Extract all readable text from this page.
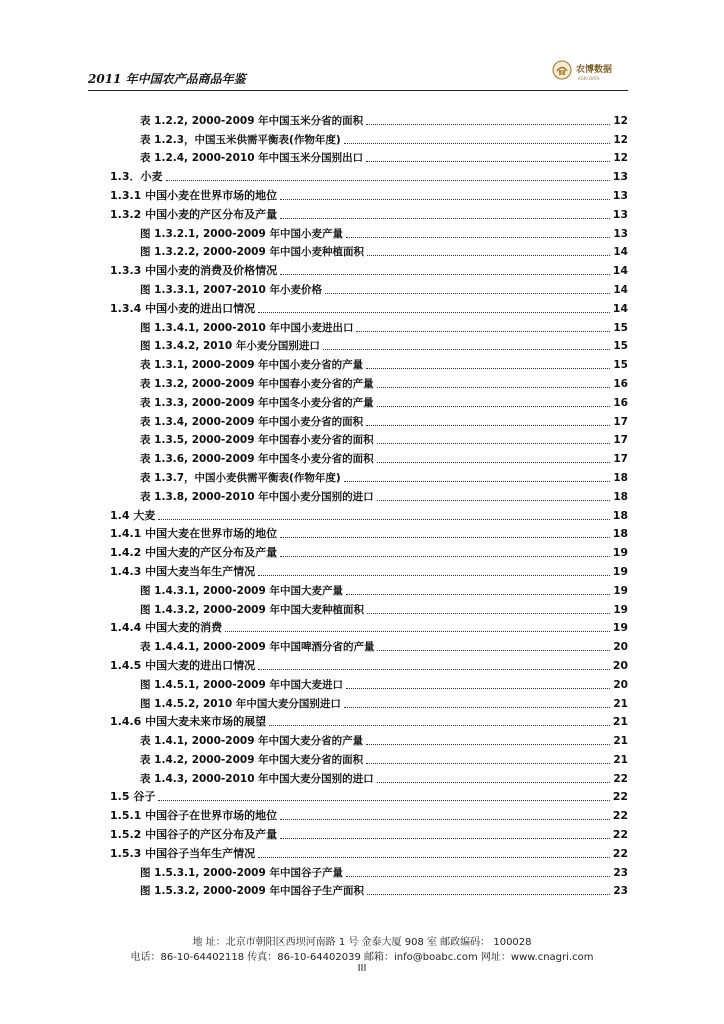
2011 年中国农产品商品年鉴
农博数据
AGRI DATA
表 1.2.2, 2000-2009 年中国玉米分省的面积	12
表 1.2.3，中国玉米供需平衡表(作物年度)	12
表 1.2.4, 2000-2010 年中国玉米分国别出口	12
1.3．小麦	13
1.3.1 中国小麦在世界市场的地位	13
1.3.2 中国小麦的产区分布及产量	13
图 1.3.2.1, 2000-2009 年中国小麦产量	13
图 1.3.2.2, 2000-2009 年中国小麦种植面积	14
1.3.3 中国小麦的消费及价格情况	14
图 1.3.3.1, 2007-2010 年小麦价格	14
1.3.4 中国小麦的进出口情况	14
图 1.3.4.1, 2000-2010 年中国小麦进出口	15
图 1.3.4.2, 2010 年小麦分国别进口	15
表 1.3.1, 2000-2009 年中国小麦分省的产量	15
表 1.3.2, 2000-2009 年中国春小麦分省的产量	16
表 1.3.3, 2000-2009 年中国冬小麦分省的产量	16
表 1.3.4, 2000-2009 年中国小麦分省的面积	17
表 1.3.5, 2000-2009 年中国春小麦分省的面积	17
表 1.3.6, 2000-2009 年中国冬小麦分省的面积	17
表 1.3.7，中国小麦供需平衡表(作物年度)	18
表 1.3.8, 2000-2010 年中国小麦分国别的进口	18
1.4 大麦	18
1.4.1 中国大麦在世界市场的地位	18
1.4.2 中国大麦的产区分布及产量	19
1.4.3 中国大麦当年生产情况	19
图 1.4.3.1, 2000-2009 年中国大麦产量	19
图 1.4.3.2, 2000-2009 年中国大麦种植面积	19
1.4.4 中国大麦的消费	19
表 1.4.4.1, 2000-2009 年中国啤酒分省的产量	20
1.4.5 中国大麦的进出口情况	20
图 1.4.5.1, 2000-2009 年中国大麦进口	20
图 1.4.5.2, 2010 年中国大麦分国别进口	21
1.4.6 中国大麦未来市场的展望	21
表 1.4.1, 2000-2009 年中国大麦分省的产量	21
表 1.4.2, 2000-2009 年中国大麦分省的面积	21
表 1.4.3, 2000-2010 年中国大麦分国别的进口	22
1.5 谷子	22
1.5.1 中国谷子在世界市场的地位	22
1.5.2 中国谷子的产区分布及产量	22
1.5.3 中国谷子当年生产情况	22
图 1.5.3.1, 2000-2009 年中国谷子产量	23
图 1.5.3.2, 2000-2009 年中国谷子生产面积	23
地 址：北京市朝阳区西坝河南路 1 号 金泰大厦 908 室 邮政编码： 100028
电话：86-10-64402118 传真：86-10-64402039 邮箱：info@boabc.com 网址：www.cnagri.com
III
